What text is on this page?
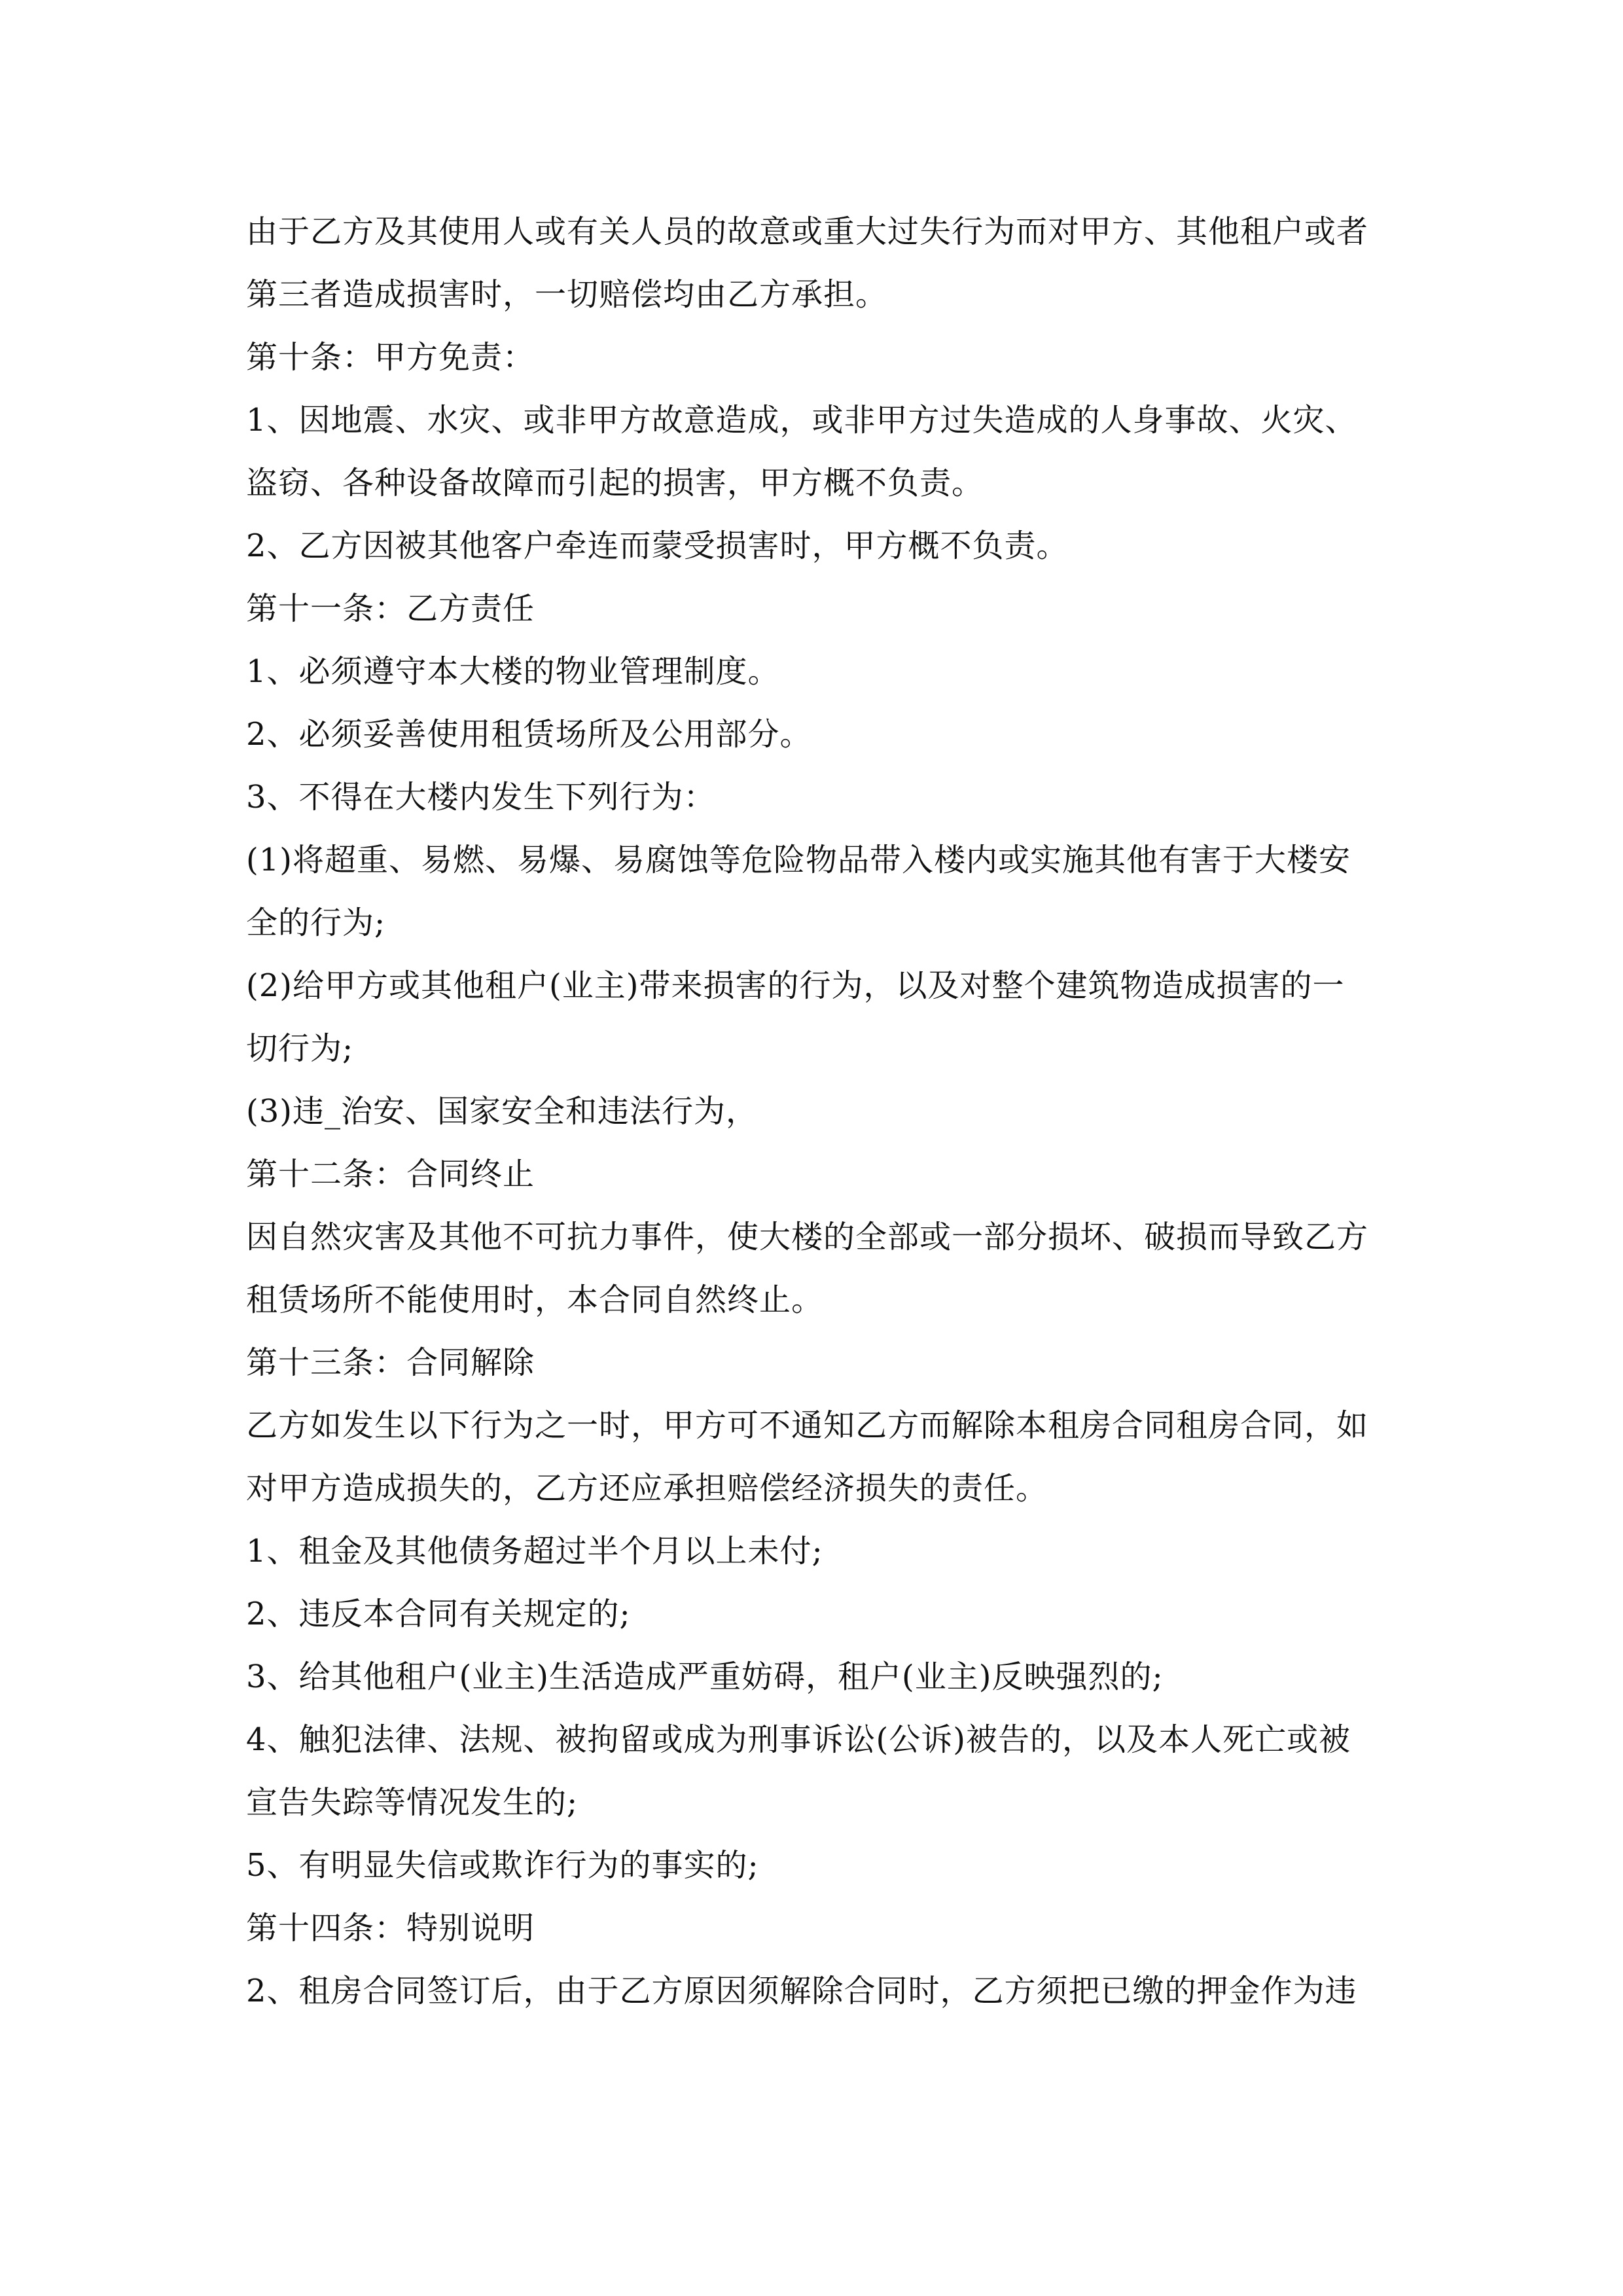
由于乙方及其使用人或有关人员的故意或重大过失行为而对甲方、其他租户或者
第三者造成损害时，一切赔偿均由乙方承担。
第十条：甲方免责：
1、因地震、水灾、或非甲方故意造成，或非甲方过失造成的人身事故、火灾、
盗窃、各种设备故障而引起的损害，甲方概不负责。
2、乙方因被其他客户牵连而蒙受损害时，甲方概不负责。
第十一条：乙方责任
1、必须遵守本大楼的物业管理制度。
2、必须妥善使用租赁场所及公用部分。
3、不得在大楼内发生下列行为：
(1)将超重、易燃、易爆、易腐蚀等危险物品带入楼内或实施其他有害于大楼安
全的行为;
(2)给甲方或其他租户(业主)带来损害的行为，以及对整个建筑物造成损害的一
切行为;
(3)违_治安、国家安全和违法行为，
第十二条：合同终止
因自然灾害及其他不可抗力事件，使大楼的全部或一部分损坏、破损而导致乙方
租赁场所不能使用时，本合同自然终止。
第十三条：合同解除
乙方如发生以下行为之一时，甲方可不通知乙方而解除本租房合同租房合同，如
对甲方造成损失的，乙方还应承担赔偿经济损失的责任。
1、租金及其他债务超过半个月以上未付;
2、违反本合同有关规定的;
3、给其他租户(业主)生活造成严重妨碍，租户(业主)反映强烈的;
4、触犯法律、法规、被拘留或成为刑事诉讼(公诉)被告的，以及本人死亡或被
宣告失踪等情况发生的;
5、有明显失信或欺诈行为的事实的;
第十四条：特别说明
2、租房合同签订后，由于乙方原因须解除合同时，乙方须把已缴的押金作为违
